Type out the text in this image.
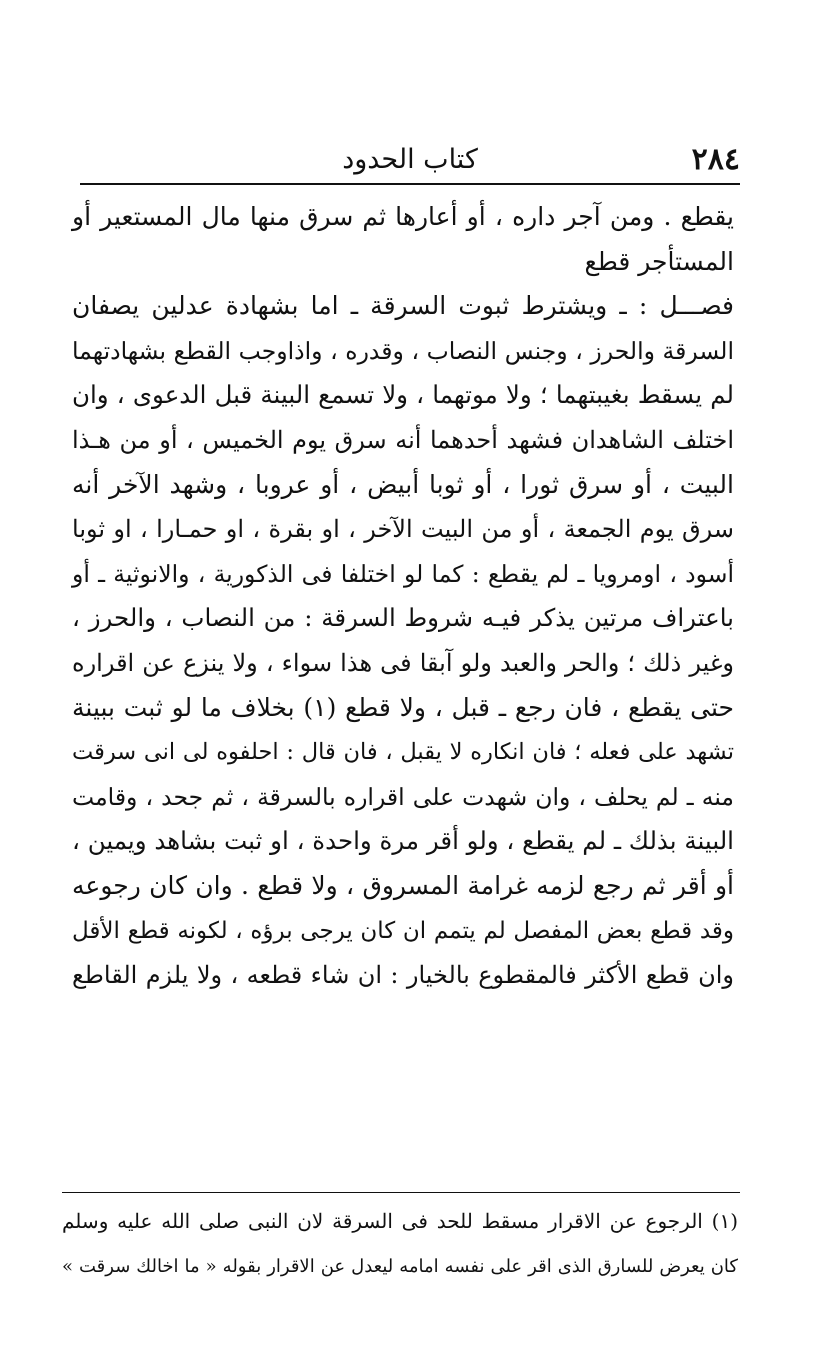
٢٨٤
كتاب الحدود
يقطع . ومن آجر داره ، أو أعارها ثم سرق منها مال المستعير أو
المستأجر قطع
فصـــل : ـ ويشترط ثبوت السرقة ـ اما بشهادة عدلين يصفان
السرقة والحرز ، وجنس النصاب ، وقدره ، واذاوجب القطع بشهادتهما
لم يسقط بغيبتهما ؛ ولا موتهما ، ولا تسمع البينة قبل الدعوى ، وان
اختلف الشاهدان فشهد أحدهما أنه سرق يوم الخميس ، أو من هـذا
البيت ، أو سرق ثورا ، أو ثوبا أبيض ، أو عروبا ، وشهد الآخر أنه
سرق يوم الجمعة ، أو من البيت الآخر ، او بقرة ، او حمـارا ، او ثوبا
أسود ، اومرويا ـ لم يقطع : كما لو اختلفا فى الذكورية ، والانوثية ـ أو
باعتراف مرتين يذكر فيـه شروط السرقة : من النصاب ، والحرز ،
وغير ذلك ؛ والحر والعبد ولو آبقا فى هذا سواء ، ولا ينزع عن اقراره
حتى يقطع ، فان رجع ـ قبل ، ولا قطع (١) بخلاف ما لو ثبت ببينة
تشهد على فعله ؛ فان انكاره لا يقبل ، فان قال : احلفوه لى انى سرقت
منه ـ لم يحلف ، وان شهدت على اقراره بالسرقة ، ثم جحد ، وقامت
البينة بذلك ـ لم يقطع ، ولو أقر مرة واحدة ، او ثبت بشاهد ويمين ،
أو أقر ثم رجع لزمه غرامة المسروق ، ولا قطع . وان كان رجوعه
وقد قطع بعض المفصل لم يتمم ان كان يرجى برؤه ، لكونه قطع الأقل
وان قطع الأكثر فالمقطوع بالخيار : ان شاء قطعه ، ولا يلزم القاطع
(١) الرجوع عن الاقرار مسقط للحد فى السرقة لان النبى صلى الله عليه وسلم
كان يعرض للسارق الذى اقر على نفسه امامه ليعدل عن الاقرار بقوله « ما اخالك سرقت »
